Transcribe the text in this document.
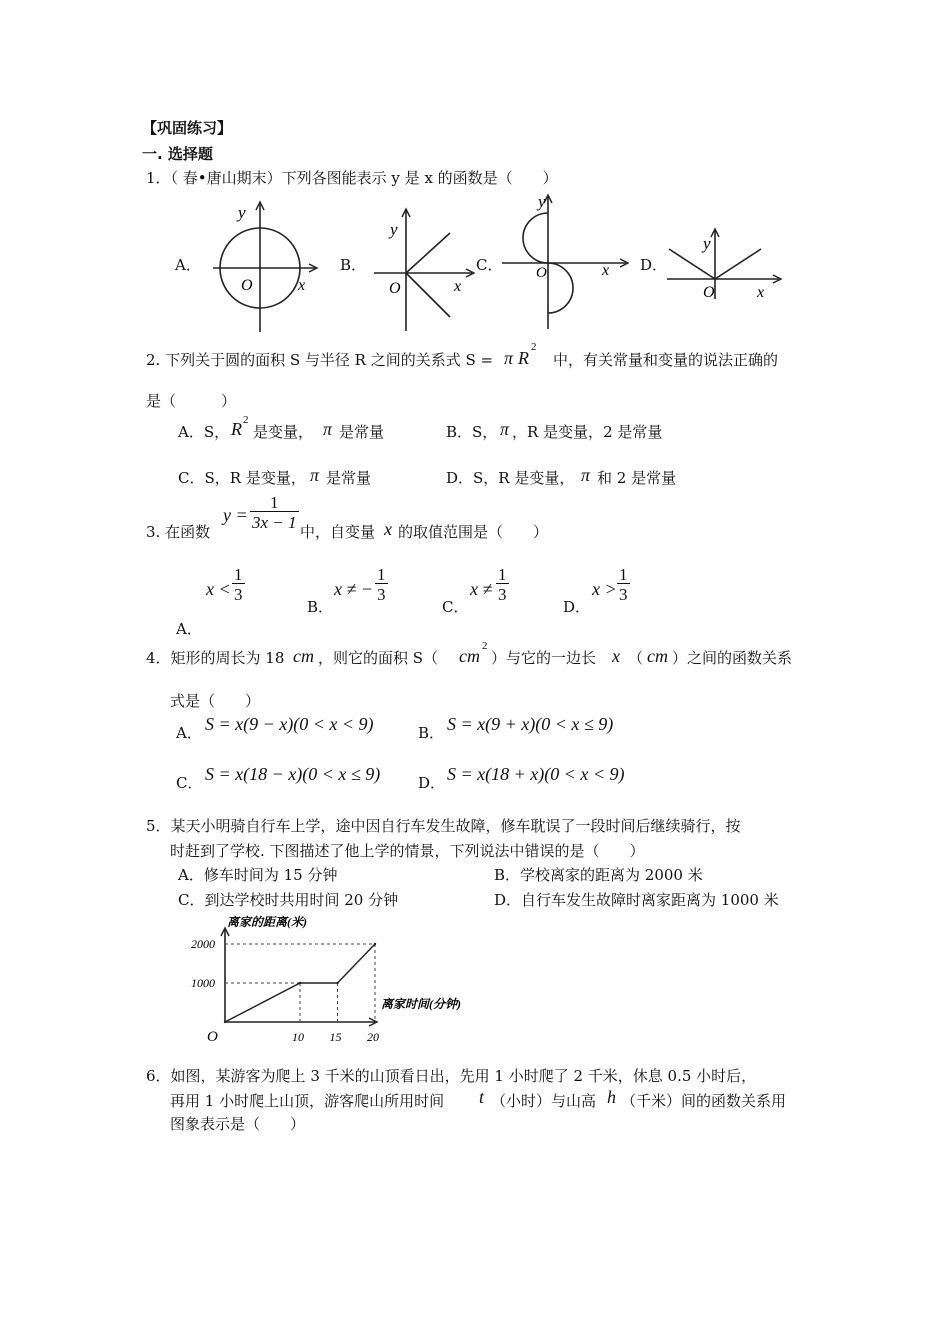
【巩固练习】
一. 选择题
1．（ 春•唐山期末）下列各图能表示 y 是 x 的函数是（　　）
A．	B．	C．	D．
y
O	x
y
O	x
y
O	x
y
O	x
2. 下列关于圆的面积 S 与半径 R 之间的关系式 S = π R
2
中，有关常量和变量的说法正确的
是（　　　）
A．S， R 2
是变量， π 是常量	B．S， π ，R 是变量，2 是常量
C．S，R 是变量， π 是常量	D．S，R 是变量， π 和 2 是常量
3. 在函数
$y = \frac{1}{3x - 1}$
中，自变量 x 的取值范围是（　　）
$x < \frac{1}{3}$
A．
B．
x ≠ − $\frac{1}{3}$
C．
$x \ne \frac{1}{3}$
D．
$x > \frac{1}{3}$
4．矩形的周长为 18 cm ，则它的面积 S（ cm 2
）与它的一边长 x （ cm ）之间的函数关系
式是（　　）
A． S = x(9 − x)(0 < x < 9)	B． S = x(9 + x)(0 < x ≤ 9)
C． S = x(18 − x)(0 < x ≤ 9)	D． S = x(18 + x)(0 < x < 9)
5．某天小明骑自行车上学，途中因自行车发生故障，修车耽误了一段时间后继续骑行，按
时赶到了学校. 下图描述了他上学的情景，下列说法中错误的是（　　）
A．修车时间为 15 分钟	B．学校离家的距离为 2000 米
C．到达学校时共用时间 20 分钟	D．自行车发生故障时离家距离为 1000 米
离家的距离(米)
离家时间(分钟)
O	10 15 20
1000
2000
6．如图，某游客为爬上 3 千米的山顶看日出，先用 1 小时爬了 2 千米，休息 0.5 小时后，
再用 1 小时爬上山顶，游客爬山所用时间 t （小时）与山高 h （千米）间的函数关系用
图象表示是（　　）
